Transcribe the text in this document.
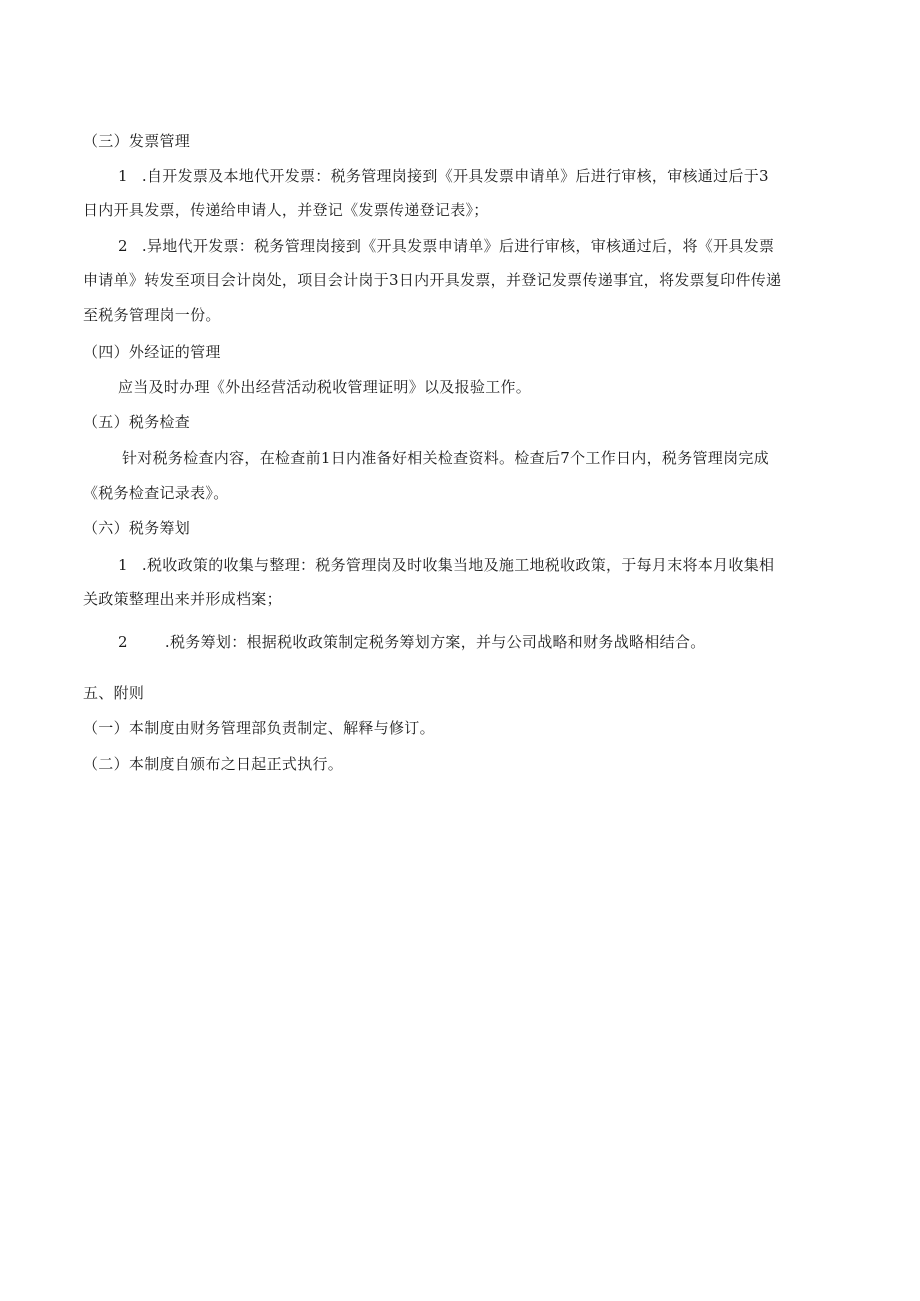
（三）发票管理
1 .自开发票及本地代开发票：税务管理岗接到《开具发票申请单》后进行审核，审核通过后于3
日内开具发票，传递给申请人，并登记《发票传递登记表》；
2 .异地代开发票：税务管理岗接到《开具发票申请单》后进行审核，审核通过后，将《开具发票
申请单》转发至项目会计岗处，项目会计岗于3日内开具发票，并登记发票传递事宜，将发票复印件传递
至税务管理岗一份。
（四）外经证的管理
应当及时办理《外出经营活动税收管理证明》以及报验工作。
（五）税务检查
针对税务检查内容，在检查前1日内准备好相关检查资料。检查后7个工作日内，税务管理岗完成
《税务检查记录表》。
（六）税务筹划
1 .税收政策的收集与整理：税务管理岗及时收集当地及施工地税收政策，于每月末将本月收集相
关政策整理出来并形成档案；
2 .税务筹划：根据税收政策制定税务筹划方案，并与公司战略和财务战略相结合。
五、附则
（一）本制度由财务管理部负责制定、解释与修订。
（二）本制度自颁布之日起正式执行。
